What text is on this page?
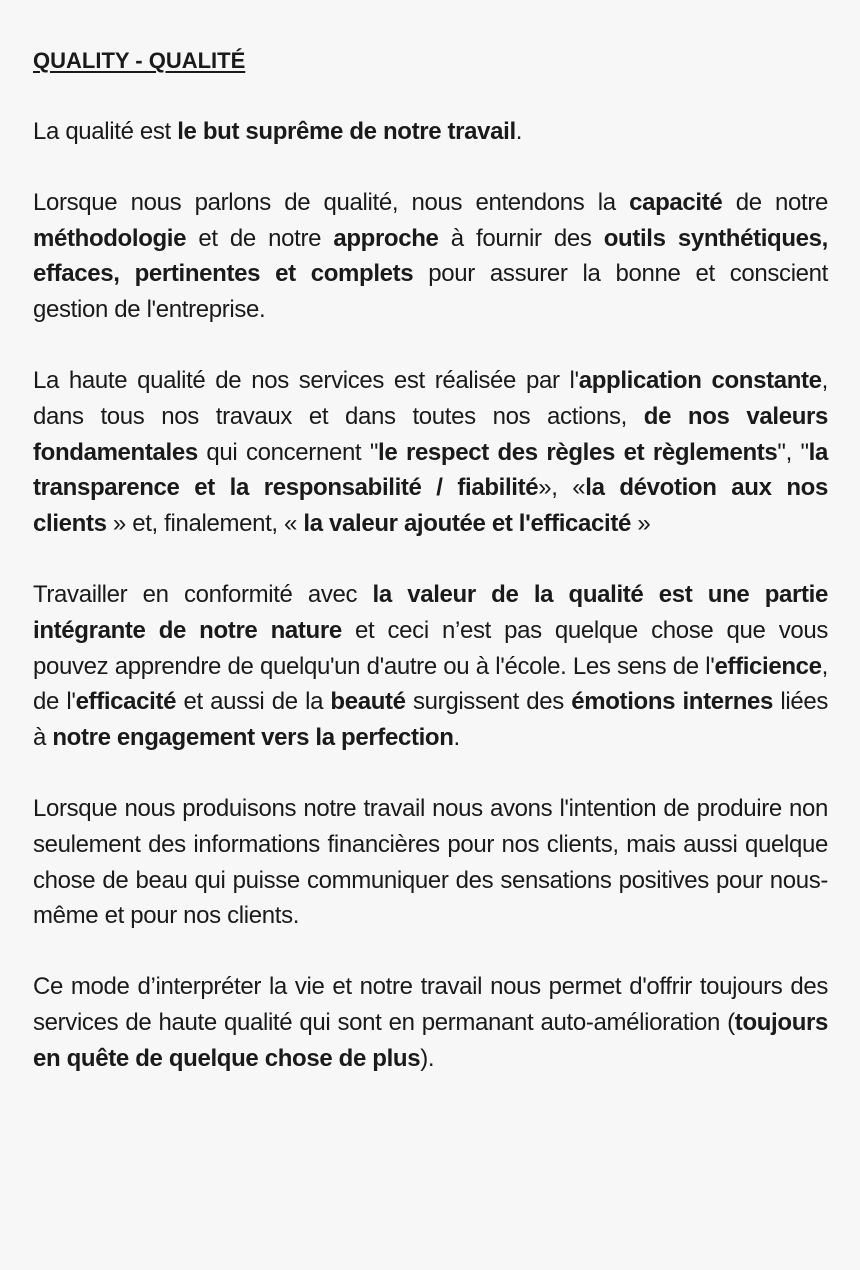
QUALITY - QUALITÉ

La qualité est le but suprême de notre travail.

Lorsque nous parlons de qualité, nous entendons la capacité de notre méthodologie et de notre approche à fournir des outils synthétiques, effaces, pertinentes et complets pour assurer la bonne et conscient gestion de l'entreprise.

La haute qualité de nos services est réalisée par l'application constante, dans tous nos travaux et dans toutes nos actions, de nos valeurs fondamentales qui concernent "le respect des règles et règlements", "la transparence et la responsabilité / fiabilité», «la dévotion aux nos clients » et, finalement, « la valeur ajoutée et l'efficacité »

Travailler en conformité avec la valeur de la qualité est une partie intégrante de notre nature et ceci n’est pas quelque chose que vous pouvez apprendre de quelqu'un d'autre ou à l'école. Les sens de l'efficience, de l'efficacité et aussi de la beauté surgissent des émotions internes liées à notre engagement vers la perfection.

Lorsque nous produisons notre travail nous avons l'intention de produire non seulement des informations financières pour nos clients, mais aussi quelque chose de beau qui puisse communiquer des sensations positives pour nous-même et pour nos clients.

Ce mode d’interpréter la vie et notre travail nous permet d'offrir toujours des services de haute qualité qui sont en permanant auto-amélioration (toujours en quête de quelque chose de plus).
